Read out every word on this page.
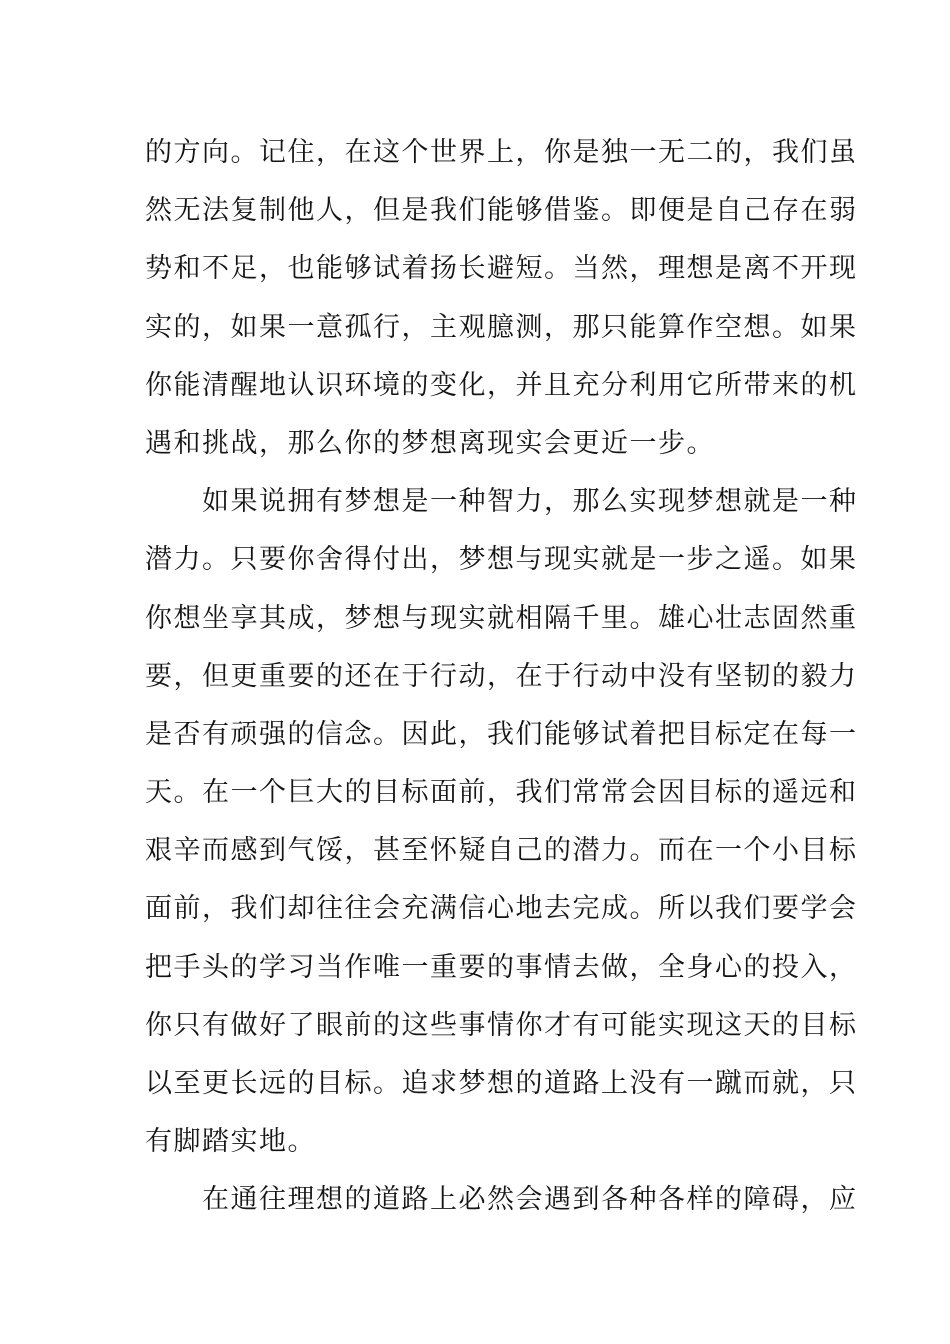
的方向。记住，在这个世界上，你是独一无二的，我们虽
然无法复制他人，但是我们能够借鉴。即便是自己存在弱
势和不足，也能够试着扬长避短。当然，理想是离不开现
实的，如果一意孤行，主观臆测，那只能算作空想。如果
你能清醒地认识环境的变化，并且充分利用它所带来的机
遇和挑战，那么你的梦想离现实会更近一步。
　　如果说拥有梦想是一种智力，那么实现梦想就是一种
潜力。只要你舍得付出，梦想与现实就是一步之遥。如果
你想坐享其成，梦想与现实就相隔千里。雄心壮志固然重
要，但更重要的还在于行动，在于行动中没有坚韧的毅力
是否有顽强的信念。因此，我们能够试着把目标定在每一
天。在一个巨大的目标面前，我们常常会因目标的遥远和
艰辛而感到气馁，甚至怀疑自己的潜力。而在一个小目标
面前，我们却往往会充满信心地去完成。所以我们要学会
把手头的学习当作唯一重要的事情去做，全身心的投入，
你只有做好了眼前的这些事情你才有可能实现这天的目标
以至更长远的目标。追求梦想的道路上没有一蹴而就，只
有脚踏实地。
　　在通往理想的道路上必然会遇到各种各样的障碍，应
